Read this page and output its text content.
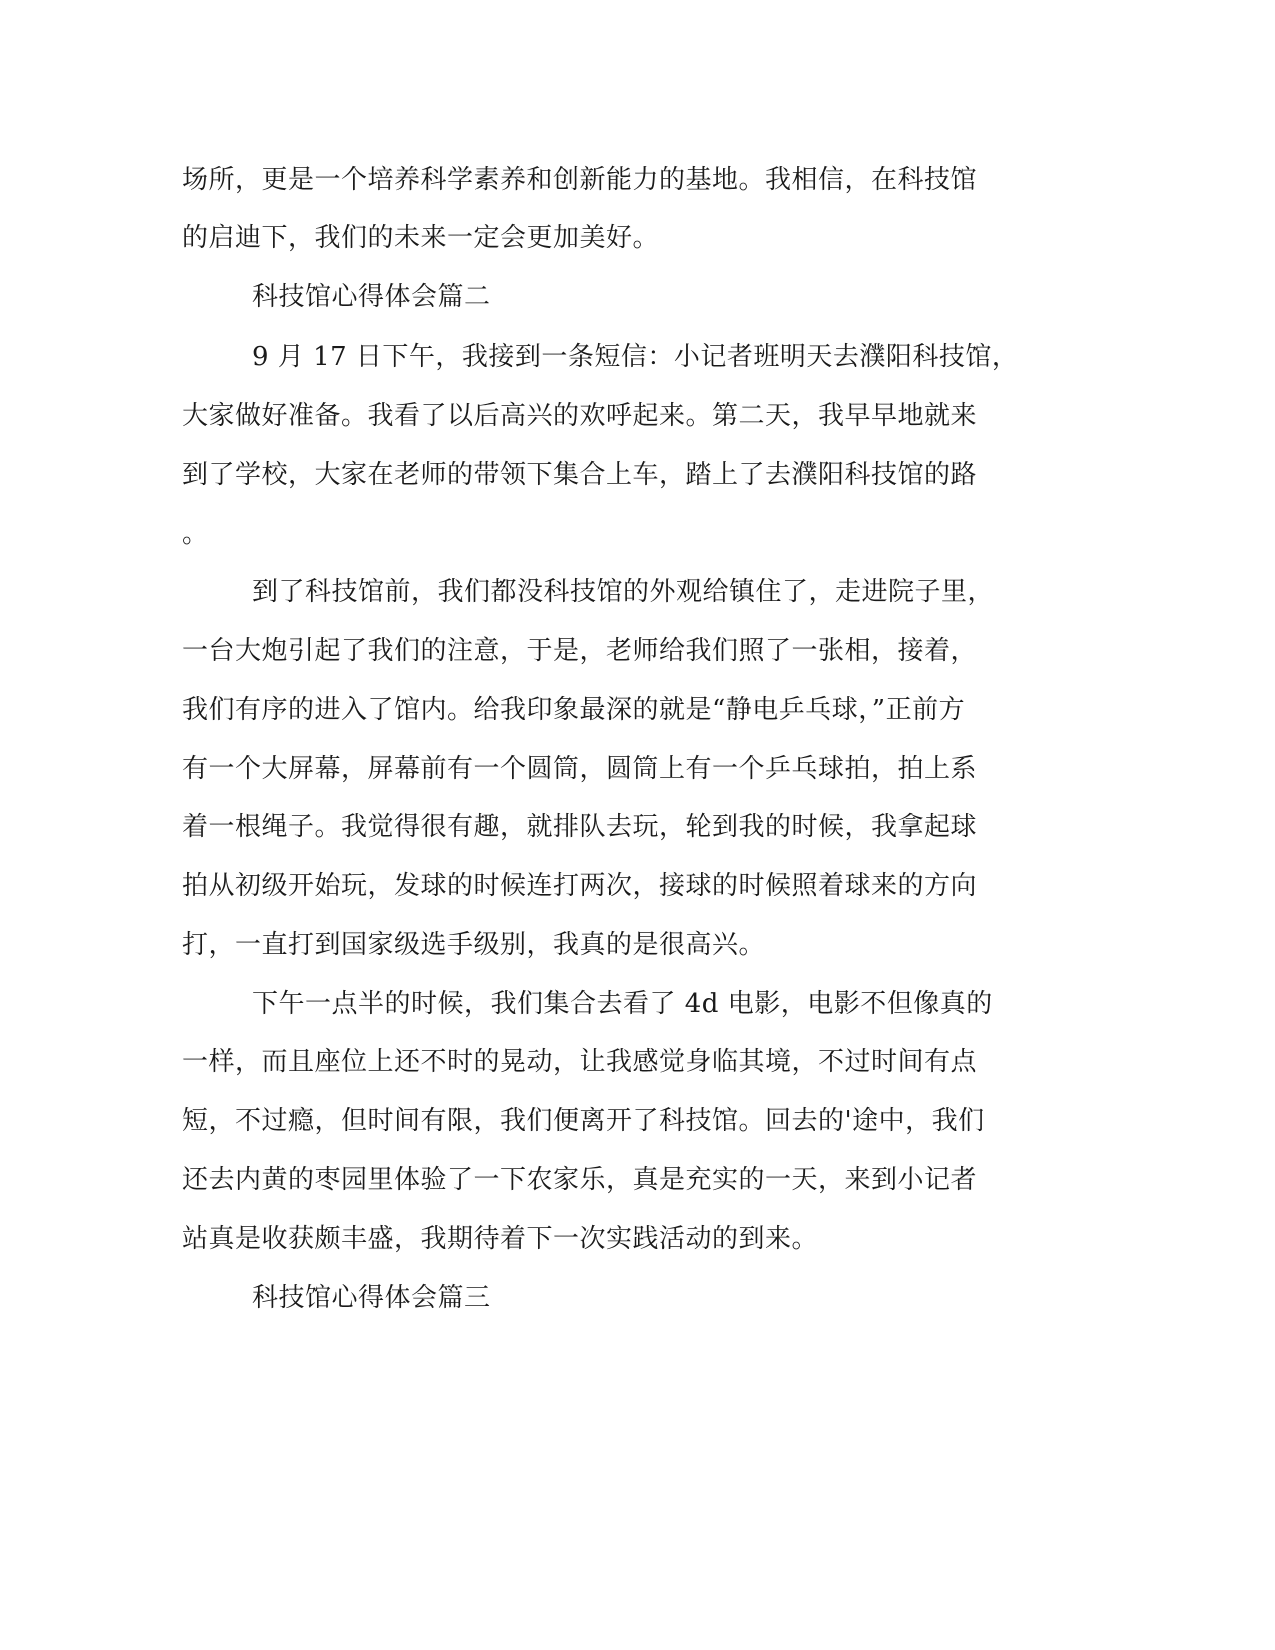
场所，更是一个培养科学素养和创新能力的基地。我相信，在科技馆
的启迪下，我们的未来一定会更加美好。
科技馆心得体会篇二
9 月 17 日下午，我接到一条短信：小记者班明天去濮阳科技馆，
大家做好准备。我看了以后高兴的欢呼起来。第二天，我早早地就来
到了学校，大家在老师的带领下集合上车，踏上了去濮阳科技馆的路
。
到了科技馆前，我们都没科技馆的外观给镇住了，走进院子里，
一台大炮引起了我们的注意，于是，老师给我们照了一张相，接着，
我们有序的进入了馆内。给我印象最深的就是“静电乒乓球，”正前方
有一个大屏幕，屏幕前有一个圆筒，圆筒上有一个乒乓球拍，拍上系
着一根绳子。我觉得很有趣，就排队去玩，轮到我的时候，我拿起球
拍从初级开始玩，发球的时候连打两次，接球的时候照着球来的方向
打，一直打到国家级选手级别，我真的是很高兴。
下午一点半的时候，我们集合去看了 4d 电影，电影不但像真的
一样，而且座位上还不时的晃动，让我感觉身临其境，不过时间有点
短，不过瘾，但时间有限，我们便离开了科技馆。回去的'途中，我们
还去内黄的枣园里体验了一下农家乐，真是充实的一天，来到小记者
站真是收获颇丰盛，我期待着下一次实践活动的到来。
科技馆心得体会篇三
